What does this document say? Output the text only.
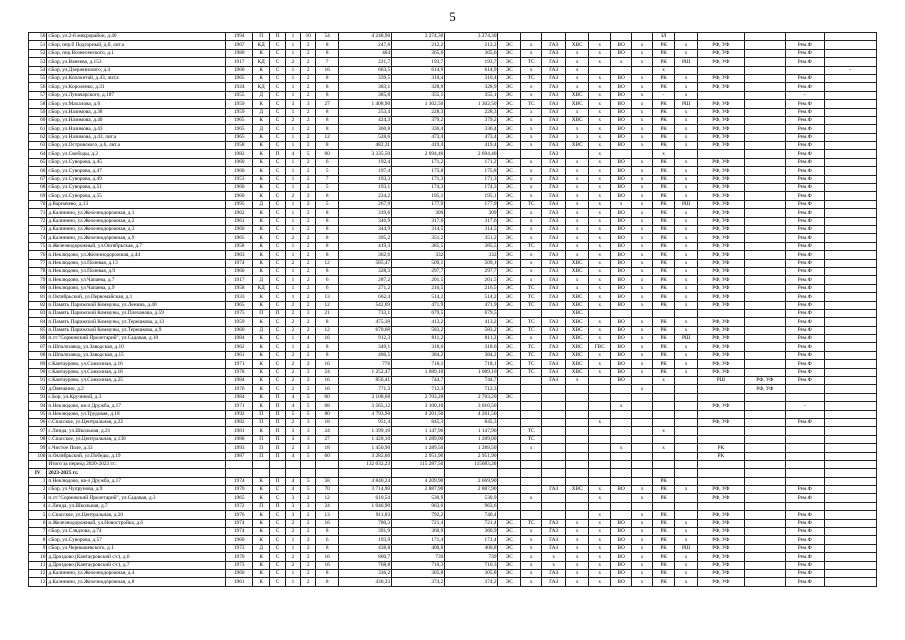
5
50	г.Бор, ул.2-й микрорайон, д.40	1994	П	П	1	10	54	4 248,90	3 274,30	3 274,30								ЗЛ					
51	г.Бор, пер.б Подгорный, д.б, лит.а	1967	КД	С	1	2	8	247,6	212,2	212,2	ЭС	х	ГАЗ	ХВС	х	ВО	х	РК	х	РФ, УФ		Рем.Ф	
52	г.Бор, пер.Вознесенского, д.1	1980	К	С	1	2	8	404	365,6	365,6	ЭС	х	ГАЗ	х	х	ВО	х	РК	х	РФ, УФ		Рем.Ф	
53	г.Бор, ул.Ванеева, д.153	1917	КД	С	2	2	7	221,7	193,7	193,7	ЭС	ТС	ГАЗ	х	х	х	х	РК	РШ	РФ, УФ		Рем.Ф	
54	г.Бор, ул.Дзержинского, д.4	1960	К	С	1	2	16	663,5	614,9	614,9	ЭС	х	ГАЗ	х				х					-
55	г.Бор, ул.Коллонтай, д.43, лит.а	1965	К	С	1	2	8	339,5	310,4	310,4	ЭС	ТС	ГАЗ	х	х	ВО	х	РК	х	РФ, УФ		Рем.Ф	
56	г.Бор, ул.Короленко, д.31	1924	КД	С	1	2	8	383,1	328,9	328,9	ЭС	х	ГАЗ	х	х	ВО	х	РК	х	РФ, УФ		Рем.Ф	
57	г.Бор, ул.Луначарского, д.187	1955	Д	С	1	2	8	385,8	355,1	355,1	ЭС	х	ГАЗ	ХВС	х	ВО	х	-	х			-	
58	г.Бор, ул.Махалова, д.6	1959	К	С	3	3	27	1 408,90	1 302,50	1 302,50	ЭС	ТС	ГАЗ	ХВС	х	ВО	х	РК	РШ	РФ, УФ		Рем.Ф	
59	г.Бор, ул.Назимова, д.38	1959	Д	С	1	2	8	253,4	228,3	228,3	ЭС	х	ГАЗ	х	х	ВО	х	РК	х	РФ, УФ		Рем.Ф	
60	г.Бор, ул.Назимова, д.40	1965	К	С	2	2	8	424,3	379,2	379,2	ЭС	х	ГАЗ	ХВС	х	ВО	х	РК	х	РФ, УФ		Рем.Ф	
61	г.Бор, ул.Назимова, д.43	1965	Д	С	1	2	8	360,8	336,4	336,4	ЭС	х	ГАЗ	х	х	ВО	х	РК	х	РФ, УФ		Рем.Ф	
62	г.Бор, ул.Назимова, д.43, лит.а	1965	К	С	1	2	12	528,6	473,4	473,4	ЭС	х	ГАЗ	х	х	ВО	х	РК	х	РФ, УФ		Рем.Ф	
63	г.Бор, ул.Островского, д.6, лит.а	1958	К	С	1	2	8	482,31	419,4	419,4	ЭС	х	ГАЗ	ХВС	х	ВО	х	РК	х	РФ, УФ		Рем.Ф	
64	г.Бор, ул.Свободы, д.2	1982	К	П	4	5	60	3 335,50	2 694,40	2 694,40			ГАЗ		х			х				Рем.Ф	
65	г.Бор, ул.Суворова, д.45	1960	К	С	1	2	6	192,4	171,2	171,2	ЭС	х	ГАЗ	х	х	ВО	х	РК	х	РФ, УФ		Рем.Ф	
66	г.Бор, ул.Суворова, д.47	1960	К	С	1	2	5	197,4	175,8	175,8	ЭС	х	ГАЗ	х	х	ВО	х	РК	х	РФ, УФ		Рем.Ф	
67	г.Бор, ул.Суворова, д.49	1953	К	С	1	2	7	193,3	171,3	171,3	ЭС	х	ГАЗ	х	х	ВО	х	РК	х	РФ, УФ		Рем.Ф	
68	г.Бор, ул.Суворова, д.51	1960	К	С	1	2	5	193,1	174,3	174,3	ЭС	х	ГАЗ	х	х	ВО	х	РК	х	РФ, УФ		Рем.Ф	
69	г.Бор, ул.Суворова, д.55	1960	К	С	2	2	8	224,2	195,1	195,1	ЭС	х	ГАЗ	х	х	ВО	х	РК	х	РФ, УФ		Рем.Ф	
70	д.Варначево, д.13	1995	Д	С	1	2	5	267,9	177,9	177,9	ЭС	ТС	ГАЗ	х	х	х	х	РК	РШ	РФ, УФ		Рем.Ф	
71	д.Калинино, ул.Железнодорожная, д.1	1962	К	С	1	2	8	339,6	309	309	ЭС	х	ГАЗ	х	х	ВО	х	РК	х	РФ, УФ		Рем.Ф	
72	д.Калинино, ул.Железнодорожная, д.2	1961	К	С	1	2	8	346,9	317,6	317,6	ЭС	х	ГАЗ	х	х	ВО	х	РК	х	РФ, УФ		Рем.Ф	
73	д.Калинино, ул.Железнодорожная, д.3	1960	К	С	1	2	8	344,9	314,5	314,5	ЭС	х	ГАЗ	х	х	ВО	х	РК	х	РФ, УФ		Рем.Ф	
74	д.Калинино, ул.Железнодорожная, д.9	1965	К	С	2	2	8	395,2	351,2	351,2	ЭС	х	ГАЗ	х	х	ВО	х	РК	х	РФ, УФ		Рем.Ф	
75	п.Железнодорожный, ул.Октябрьская, д.7	1958	К	С	1	2	8	419,3	385,5	385,5	ЭС	ТС	ГАЗ	х	х	ВО	х	РК	х	РФ, УФ		Рем.Ф	
76	п.Неклюдово, ул.Железнодорожная, д.44	1963	К	С	1	2	8	362,6	332	332	ЭС	х	ГАЗ	х	х	ВО	х	РК	х	РФ, УФ		Рем.Ф	
77	п.Неклюдово, ул.Полевая, д.13	1974	К	С	2	2	12	585,47	509,1	509,1	ЭС	х	ГАЗ	ХВС	х	ВО	х	РК	х	РФ, УФ		Рем.Ф	
78	п.Неклюдово, ул.Полевая, д.9	1960	К	С	1	2	8	328,3	297,7	297,7	ЭС	х	ГАЗ	ХВС	х	ВО	х	РК	х	РФ, УФ		Рем.Ф	
79	п.Неклюдово, ул.Чапаева, д.7	1917	Д	С	1	2	6	287,2	201,5	201,5	ЭС	х	ГАЗ	х	х	ВО	х	РК	х	РФ, УФ		Рем.Ф	
80	п.Неклюдово, ул.Чапаева, д.9	1958	КД	С	1	2	6	271,2	216,5	216,5	ЭС	ТС	ГАЗ	х	х	ВО	х	РК	х	РФ, УФ		Рем.Ф	
81	п.Октябрьский, ул.Первомайская, д.1	1933	К	С	1	2	13	662,4	514,2	514,2	ЭС	ТС	ГАЗ	ХВС	х	ВО	х	РК	х	РФ, УФ		Рем.Ф	
82	п.Память Парижской Коммуны, ул.Ленина, д.40	1965	К	С	2	2	12	542,69	471,9	471,9	ЭС	ТС	ГАЗ	ХВС	х	ВО	х	РК	х	РФ, УФ		Рем.Ф	
83	п.Память Парижской Коммуны, ул.Плеханова, д.59	1975	П	П	2	3	21	733,1	679,5	679,5				ХВС								Рем.Ф	
84	п.Память Парижской Коммуны, ул.Терешкова, д.13	1959	К	С	2	2	8	475,18	413,2	413,2	ЭС	ТС	ГАЗ	ХВС	х	ВО	х	РК	х	РФ, УФ		Рем.Ф	
85	п.Память Парижской Коммуны, ул.Терешкова, д.9	1960	Д	С	2	2	12	670,68	583,2	583,2	ЭС	ТС	ГАЗ	ХВС	х	ВО	х	РК	х	РФ, УФ		Рем.Ф	
86	п.ст."Сормовский Пролетарий", ул.Садовая, д.10	1984	К	С	1	4	16	912,3	811,2	811,2	ЭС	х	ГАЗ	ХВС	х	ВО	х	РК	РШ	РФ, УФ		Рем.Ф	
87	п.Шпалозавод, ул.Заводская, д.10	1962	К	С	1	2	8	349,1	318,6	318,6	ЭС	ТС	ГАЗ	ХВС	ГВС	ВО	х	РК	х	РФ, УФ		Рем.Ф	
88	п.Шпалозавод, ул.Заводская, д.15	1961	К	С	2	2	8	406,5	384,2	384,2	ЭС	ТС	ГАЗ	ХВС	х	ВО	х	РК	х	РФ, УФ		Рем.Ф	
89	с.Кантаурово, ул.Совхозная, д.16	1971	К	С	2	2	16	776	718,1	718,1	ЭС	ТС	ГАЗ	ХВС	х	ВО	х	РК	х	РФ, УФ		Рем.Ф	
90	с.Кантаурово, ул.Совхозная, д.18	1978	К	С	2	3	24	1 252,47	1 089,10	1 089,10	ЭС	ТС	ГАЗ	ХВС	х	ВО	х	РК	х	РФ, УФ		Рем.Ф	
91	с.Кантаурово, ул.Совхозная, д.25	1984	К	С	2	2	16	856,41	744,7	744,7			ГАЗ	х		ВО		х		РШ	РФ, УФ	Рем.Ф	
92	д.Овечкино, д.2	1976	К	С	2	2	16	771,3	712,3	712,3							х				РФ, УФ		
93	с.Бор, ул.Кручиной, д.3	1984	К	П	4	5	60	3 108,68	2 703,20	2 703,20	ЭС												
94	п.Неклюдово, кв-л Дружба, д.17	1971	К	П	4	5	68	3 565,12	3 100,10	3 010,50						х				РФ, УФ		-	
95	п.Неклюдово, ул.Трудовая, д.18	1992	П	П	5	5	80	4 793,90	4 201,50	4 201,50													
96	с.Спасское, ул.Центральная, д.22	1982	П	П	2	3	18	951,4	845,3	845,3					х					РФ, УФ		Рем.Ф	
97	с.Линда, ул.Школьная, д.21	1981	К	П	3	3	24	1 399,10	1 147,90	1 147,90		ТС						х					
98	с.Спасское, ул.Центральная, д.130	1988	П	П	3	3	27	1 420,10	1 289,00	1 289,00		ТС											
99	с.Чистое Поле, д.33	1993	П	П	2	3	18	1 450,90	1 289,50	1 289,50		х				х		х		РК			
100	п.Октябрьский, ул.Победы, д.19	1987	П	П	4	5	60	3 282,60	2 951,90	2 951,90										РК			
	Итого за период 2020-2022 гг.:							132 032,23	115 287,50	115083,20													
IV	2023-2025 гг.																						
1	п.Неклюдово, кв-л Дружба, д.17	1974	К	П	4	5	58	4 840,24	4 209,90	2 669,90								РК					
2	г.Бор, ул.Чупрунова, д.9	1970	К	С	4	5	70	3 714,90	2 887,90	2 887,90			ГАЗ	ХВС	х	ВО	х	РК	х	РФ, УФ		Рем.Ф	
3	п.ст."Сормовский Пролетарий", ул.Садовая, д.3	1965	К	С	3	2	12	610,54	530,9	530,9		х			х		х	РК		РФ, УФ		Рем.Ф	
4	с.Линда, ул.Школьная, д.7	1972	П	П	3	3	24	1 046,90	963,6	963,6													
5	с.Спасское, ул.Центральная, д.20	1976	К	С	3	2	13	911,03	792,2	740,4					х		х	РК		РФ, УФ		Рем.Ф	
6	п.Железнодорожный, ул.Новостройка, д.6	1974	К	С	2	2	16	780,3	721,4	721,4	ЭС	ТС	ГАЗ	х	х	ВО	х	РК	х	РФ, УФ		Рем.Ф	
7	г.Бор, ул.Слядзова, д.74	1974	К	С	2	2	8	391,9	360,9	360,9	ЭС	х	ГАЗ	х	х	ВО	х	РК	х	РФ, УФ		Рем.Ф	
8	г.Бор, ул.Суворова, д.57	1960	К	С	1	2	6	193,9	171,4	171,4	ЭС	х	ГАЗ	х	х	ВО	х	РК	х	РФ, УФ		Рем.Ф	
9	г.Бор, ул.Чернышевского, д.1	1973	Д	С	1	2	8	438,8	400,8	400,8	ЭС	х	ГАЗ	х	х	ВО	х	РК	РШ	РФ, УФ		Рем.Ф	
10	д.Дроздово (Кантауровский с/с), д.6	1970	К	С	2	2	16	800,7	739	739	ЭС	х	х	х	х	ВО	х	РК	х	РФ, УФ		Рем.Ф	
11	д.Дроздово (Кантауровский с/с), д.7	1973	К	С	2	2	16	768,8	710,3	710,3	ЭС	х	х	х	х	ВО	х	РК	х	РФ, УФ		Рем.Ф	
12	д.Калинино, ул.Железнодорожная, д.4	1960	К	С	1	2	8	336,2	305,8	305,8	ЭС	х	ГАЗ	х	х	ВО	х	РК	х	РФ, УФ		Рем.Ф	
13	д.Калинино, ул.Железнодорожная, д.8	1961	К	С	1	2	8	430,33	374,2	374,2	ЭС	х	ГАЗ	х	х	ВО	х	РК	х	РФ, УФ		Рем.Ф	
